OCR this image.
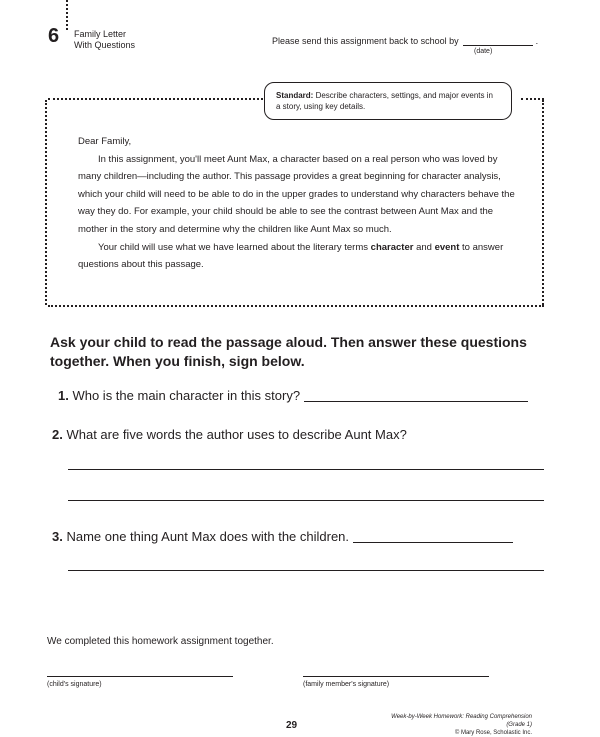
6 Family Letter
With Questions	Please send this assignment back to school by	.
(date)
Standard: Describe characters, settings, and major events in
a story, using key details.

Dear Family,

In this assignment, you'll meet Aunt Max, a character based on a real person who was loved by many children—including the author. This passage provides a great beginning for character analysis, which your child will need to be able to do in the upper grades to understand why characters behave the way they do. For example, your child should be able to see the contrast between Aunt Max and the mother in the story and determine why the children like Aunt Max so much.

Your child will use what we have learned about the literary terms character and event to answer questions about this passage.

Ask your child to read the passage aloud. Then answer these questions together. When you finish, sign below.
1. Who is the main character in this story?
2. What are five words the author uses to describe Aunt Max?
3. Name one thing Aunt Max does with the children.
We completed this homework assignment together.
(child's signature)	(family member's signature)
29
Week-by-Week Homework: Reading Comprehension (Grade 1)
© Mary Rose, Scholastic Inc.
